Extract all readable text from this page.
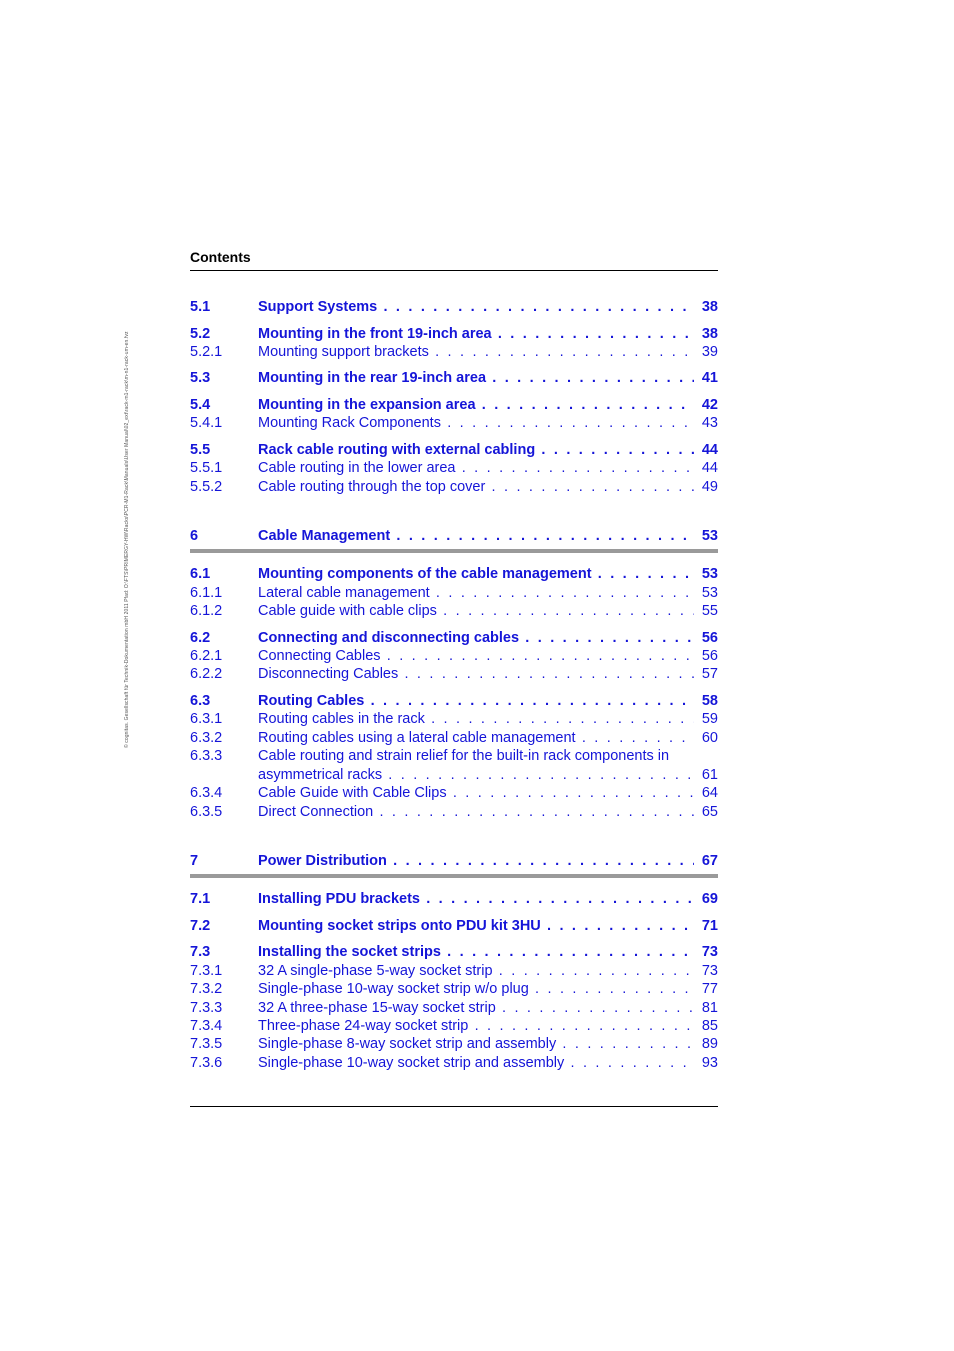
© cognitas. Gesellschaft für Technik-Dokumentation mbH 2011 Pfad: O:\FTS\PRIMERGY-HW\Racks\PCR-M1-Rack\Manuals\User Manual\02_ext\rack-m1-rack\m-n1-rack-um-en.fvz
Contents
5.1	Support Systems . . .	38
5.2	Mounting in the front 19-inch area . . .	38
5.2.1 Mounting support brackets . . .	39
5.3	Mounting in the rear 19-inch area . . .	41
5.4	Mounting in the expansion area . . .	42
5.4.1 Mounting Rack Components . . .	43
5.5	Rack cable routing with external cabling . . .	44
5.5.1 Cable routing in the lower area . . .	44
5.5.2 Cable routing through the top cover . . .	49
6	Cable Management . . .	53
6.1	Mounting components of the cable management . . .	53
6.1.1 Lateral cable management . . .	53
6.1.2 Cable guide with cable clips . . .	55
6.2	Connecting and disconnecting cables . . .	56
6.2.1 Connecting Cables . . .	56
6.2.2 Disconnecting Cables . . .	57
6.3	Routing Cables . . .	58
6.3.1 Routing cables in the rack . . .	59
6.3.2 Routing cables using a lateral cable management . . .	60
6.3.3 Cable routing and strain relief for the built-in rack components in
asymmetrical racks . . .	61
6.3.4 Cable Guide with Cable Clips . . .	64
6.3.5 Direct Connection . . .	65
7	Power Distribution . . .	67
7.1	Installing PDU brackets . . .	69
7.2	Mounting socket strips onto PDU kit 3HU . . .	71
7.3	Installing the socket strips . . .	73
7.3.1 32 A single-phase 5-way socket strip . . .	73
7.3.2 Single-phase 10-way socket strip w/o plug . . .	77
7.3.3 32 A three-phase 15-way socket strip . . .	81
7.3.4 Three-phase 24-way socket strip . . .	85
7.3.5 Single-phase 8-way socket strip and assembly . . .	89
7.3.6 Single-phase 10-way socket strip and assembly . . .	93
